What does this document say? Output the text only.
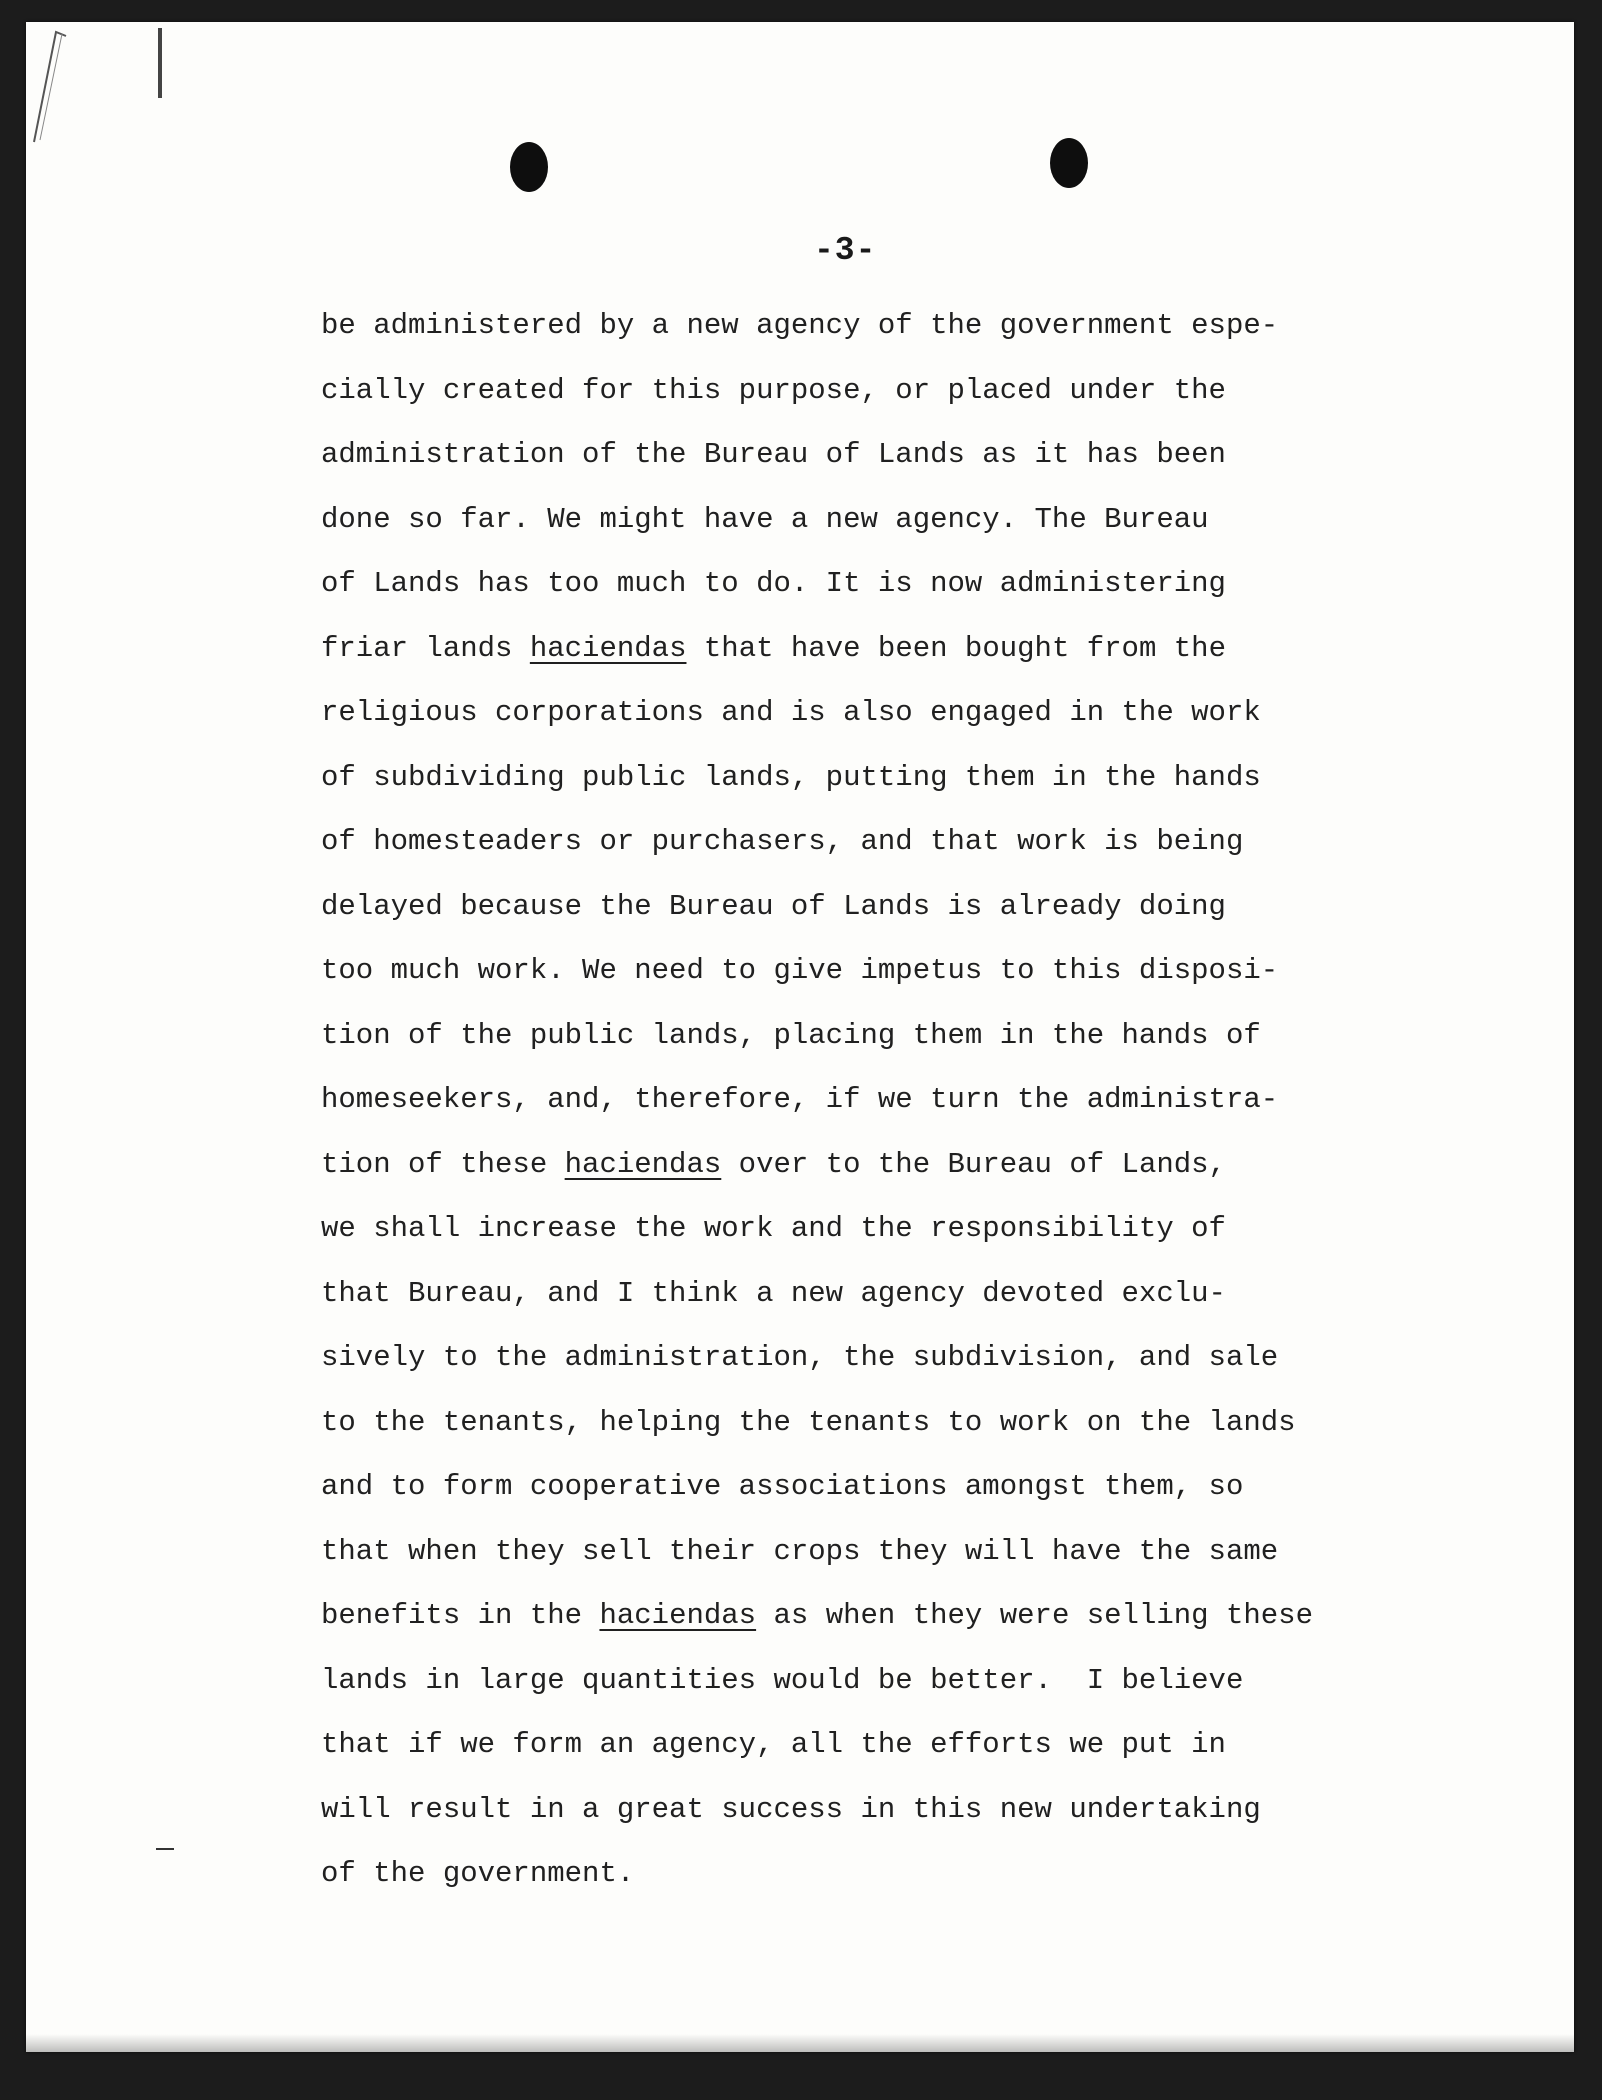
-3-
be administered by a new agency of the government espe-
cially created for this purpose, or placed under the
administration of the Bureau of Lands as it has been
done so far. We might have a new agency. The Bureau
of Lands has too much to do. It is now administering
friar lands haciendas that have been bought from the
religious corporations and is also engaged in the work
of subdividing public lands, putting them in the hands
of homesteaders or purchasers, and that work is being
delayed because the Bureau of Lands is already doing
too much work. We need to give impetus to this disposi-
tion of the public lands, placing them in the hands of
homeseekers, and, therefore, if we turn the administra-
tion of these haciendas over to the Bureau of Lands,
we shall increase the work and the responsibility of
that Bureau, and I think a new agency devoted exclu-
sively to the administration, the subdivision, and sale
to the tenants, helping the tenants to work on the lands
and to form cooperative associations amongst them, so
that when they sell their crops they will have the same
benefits in the haciendas as when they were selling these
lands in large quantities would be better.  I believe
that if we form an agency, all the efforts we put in
will result in a great success in this new undertaking
of the government.
